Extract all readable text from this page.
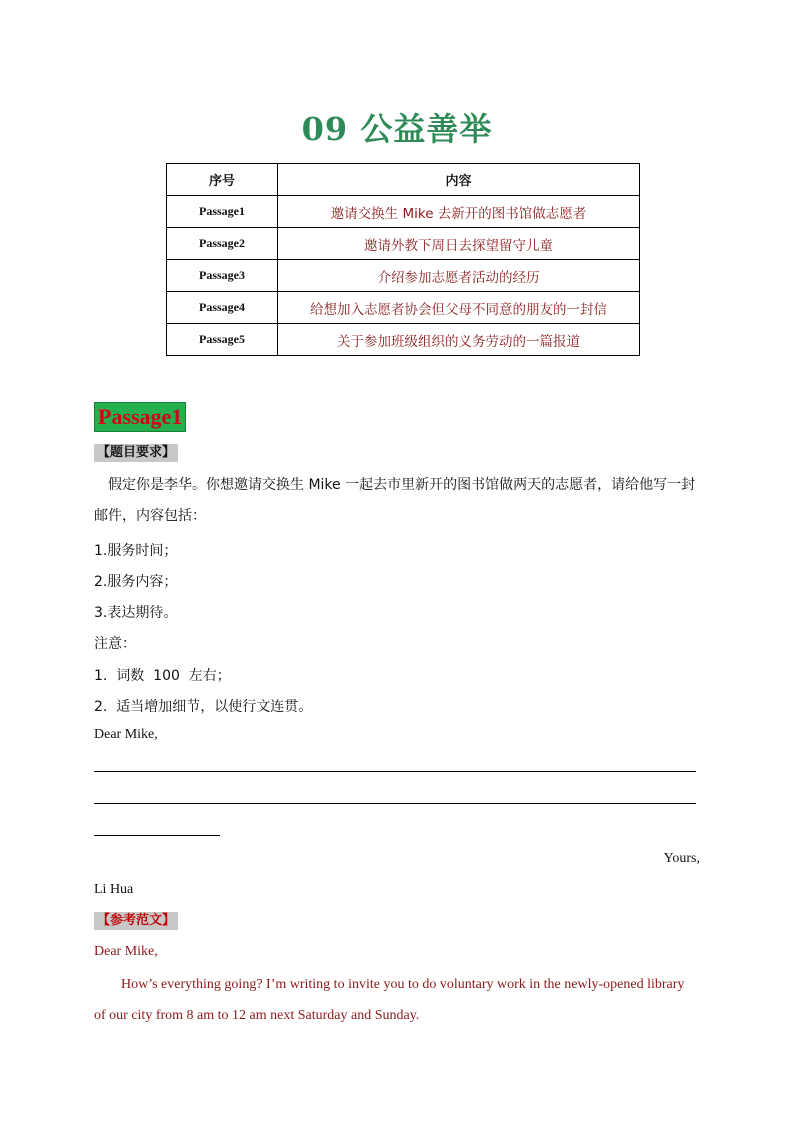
09 公益善举
序号	内容
Passage1	邀请交换生 Mike 去新开的图书馆做志愿者
Passage2	邀请外教下周日去探望留守儿童
Passage3	介绍参加志愿者活动的经历
Passage4	给想加入志愿者协会但父母不同意的朋友的一封信
Passage5	关于参加班级组织的义务劳动的一篇报道
Passage1
【题目要求】
假定你是李华。你想邀请交换生 Mike 一起去市里新开的图书馆做两天的志愿者，请给他写一封邮件，内容包括：
1.服务时间；
2.服务内容；
3.表达期待。
注意：
1.  词数  100  左右；
2.  适当增加细节，以使行文连贯。
Dear Mike,
Yours,
Li Hua
【参考范文】
Dear Mike,
How’s everything going? I’m writing to invite you to do voluntary work in the newly-opened library of our city from 8 am to 12 am next Saturday and Sunday.
